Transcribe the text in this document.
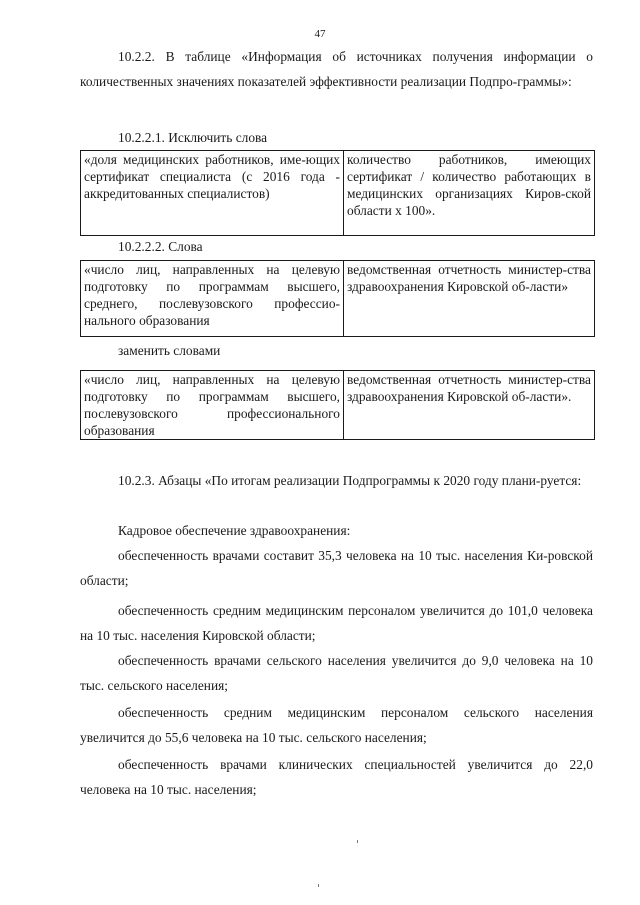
47

10.2.2. В таблице «Информация об источниках получения информации о количественных значениях показателей эффективности реализации Подпро-граммы»:

10.2.2.1. Исключить слова

«доля медицинских работников, име-ющих сертификат специалиста (с 2016 года - аккредитованных специалистов)	количество работников, имеющих сертификат / количество работающих в медицинских организациях Киров-ской области х 100».

10.2.2.2. Слова

«число лиц, направленных на целевую подготовку по программам высшего, среднего, послевузовского профессио-нального образования	ведомственная отчетность министер-ства здравоохранения Кировской об-ласти»

заменить словами

«число лиц, направленных на целевую подготовку по программам высшего, послевузовского профессионального образования	ведомственная отчетность министер-ства здравоохранения Кировской об-ласти».

10.2.3. Абзацы «По итогам реализации Подпрограммы к 2020 году плани-руется:

Кадровое обеспечение здравоохранения:

обеспеченность врачами составит 35,3 человека на 10 тыс. населения Ки-ровской области;

обеспеченность средним медицинским персоналом увеличится до 101,0 человека на 10 тыс. населения Кировской области;

обеспеченность врачами сельского населения увеличится до 9,0 человека на 10 тыс. сельского населения;

обеспеченность средним медицинским персоналом сельского населения увеличится до 55,6 человека на 10 тыс. сельского населения;

обеспеченность врачами клинических специальностей увеличится до 22,0 человека на 10 тыс. населения;
